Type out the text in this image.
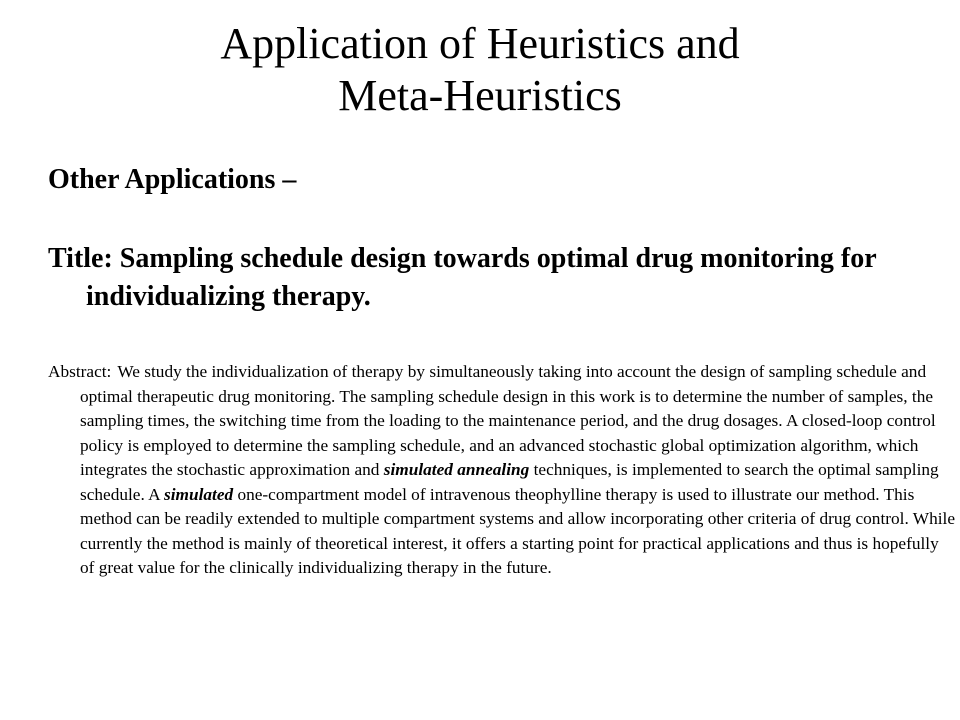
Application of Heuristics and
Meta-Heuristics
Other Applications –

Title: Sampling schedule design towards optimal drug monitoring for individualizing therapy.

Abstract: We study the individualization of therapy by simultaneously taking into account the design of sampling schedule and optimal therapeutic drug monitoring. The sampling schedule design in this work is to determine the number of samples, the sampling times, the switching time from the loading to the maintenance period, and the drug dosages. A closed-loop control policy is employed to determine the sampling schedule, and an advanced stochastic global optimization algorithm, which integrates the stochastic approximation and simulated annealing techniques, is implemented to search the optimal sampling schedule. A simulated one-compartment model of intravenous theophylline therapy is used to illustrate our method. This method can be readily extended to multiple compartment systems and allow incorporating other criteria of drug control. While currently the method is mainly of theoretical interest, it offers a starting point for practical applications and thus is hopefully of great value for the clinically individualizing therapy in the future.
